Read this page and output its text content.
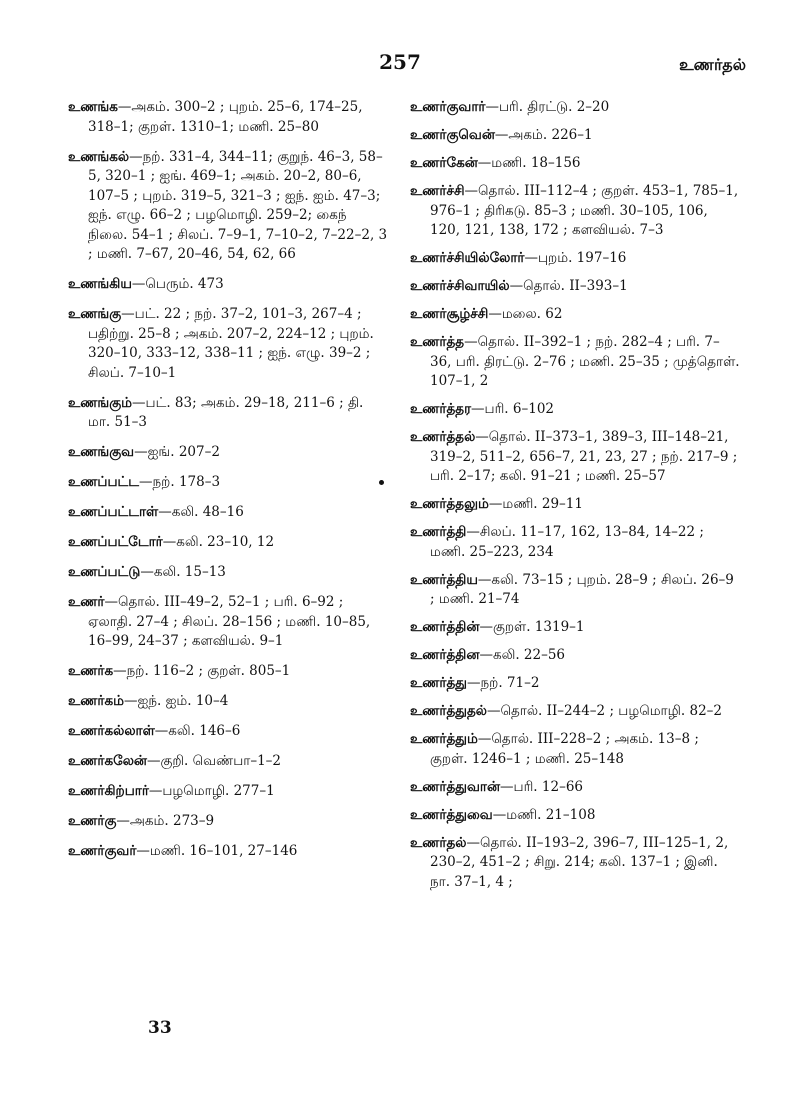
257	உணர்தல்

உணங்க—அகம். 300–2 ; புறம். 25–6, 174–25, 318–1; குறள். 1310–1; மணி. 25–80

உணங்கல்—நற். 331–4, 344–11; குறுந். 46–3, 58–5, 320–1 ; ஐங். 469–1; அகம். 20–2, 80–6, 107–5 ; புறம். 319–5, 321–3 ; ஐந். ஐம். 47–3; ஐந். எழு. 66–2 ; பழமொழி. 259–2; கைந் நிலை. 54–1 ; சிலப். 7–9–1, 7–10–2, 7–22–2, 3 ; மணி. 7–67, 20–46, 54, 62, 66

உணங்கிய—பெரும். 473

உணங்கு—பட். 22 ; நற். 37–2, 101–3, 267–4 ; பதிற்று. 25–8 ; அகம். 207–2, 224–12 ; புறம். 320–10, 333–12, 338–11 ; ஐந். எழு. 39–2 ; சிலப். 7–10–1

உணங்கும்—பட். 83; அகம். 29–18, 211–6 ; தி. மா. 51–3

உணங்குவ—ஐங். 207–2

உணப்பட்ட—நற். 178–3

உணப்பட்டாள்—கலி. 48–16

உணப்பட்டோர்—கலி. 23–10, 12

உணப்பட்டு—கலி. 15–13

உணர்—தொல். III–49–2, 52–1 ; பரி. 6–92 ; ஏலாதி. 27–4 ; சிலப். 28–156 ; மணி. 10–85, 16–99, 24–37 ; களவியல். 9–1

உணர்க—நற். 116–2 ; குறள். 805–1

உணர்கம்—ஐந். ஐம். 10–4

உணர்கல்லாள்—கலி. 146–6

உணர்கலேன்—குறி. வெண்பா–1–2

உணர்கிற்பார்—பழமொழி. 277–1

உணர்கு—அகம். 273–9

உணர்குவர்—மணி. 16–101, 27–146

உணர்குவார்—பரி. திரட்டு. 2–20

உணர்குவென்—அகம். 226–1

உணர்கேன்—மணி. 18–156

உணர்ச்சி—தொல். III–112–4 ; குறள். 453–1, 785–1, 976–1 ; திரிகடு. 85–3 ; மணி. 30–105, 106, 120, 121, 138, 172 ; களவியல். 7–3

உணர்ச்சியில்லோர்—புறம். 197–16

உணர்ச்சிவாயில்—தொல். II–393–1

உணர்சூழ்ச்சி—மலை. 62

உணர்த்த—தொல். II–392–1 ; நற். 282–4 ; பரி. 7–36, பரி. திரட்டு. 2–76 ; மணி. 25–35 ; முத்தொள். 107–1, 2

உணர்த்தர—பரி. 6–102

உணர்த்தல்—தொல். II–373–1, 389–3, III–148–21, 319–2, 511–2, 656–7, 21, 23, 27 ; நற். 217–9 ; பரி. 2–17; கலி. 91–21 ; மணி. 25–57

உணர்த்தலும்—மணி. 29–11

உணர்த்தி—சிலப். 11–17, 162, 13–84, 14–22 ; மணி. 25–223, 234

உணர்த்திய—கலி. 73–15 ; புறம். 28–9 ; சிலப். 26–9 ; மணி. 21–74

உணர்த்தின்—குறள். 1319–1

உணர்த்தின—கலி. 22–56

உணர்த்து—நற். 71–2

உணர்த்துதல்—தொல். II–244–2 ; பழமொழி. 82–2

உணர்த்தும்—தொல். III–228–2 ; அகம். 13–8 ; குறள். 1246–1 ; மணி. 25–148

உணர்த்துவான்—பரி. 12–66

உணர்த்துவை—மணி. 21–108

உணர்தல்—தொல். II–193–2, 396–7, III–125–1, 2, 230–2, 451–2 ; சிறு. 214; கலி. 137–1 ; இனி. நா. 37–1, 4 ;

33
